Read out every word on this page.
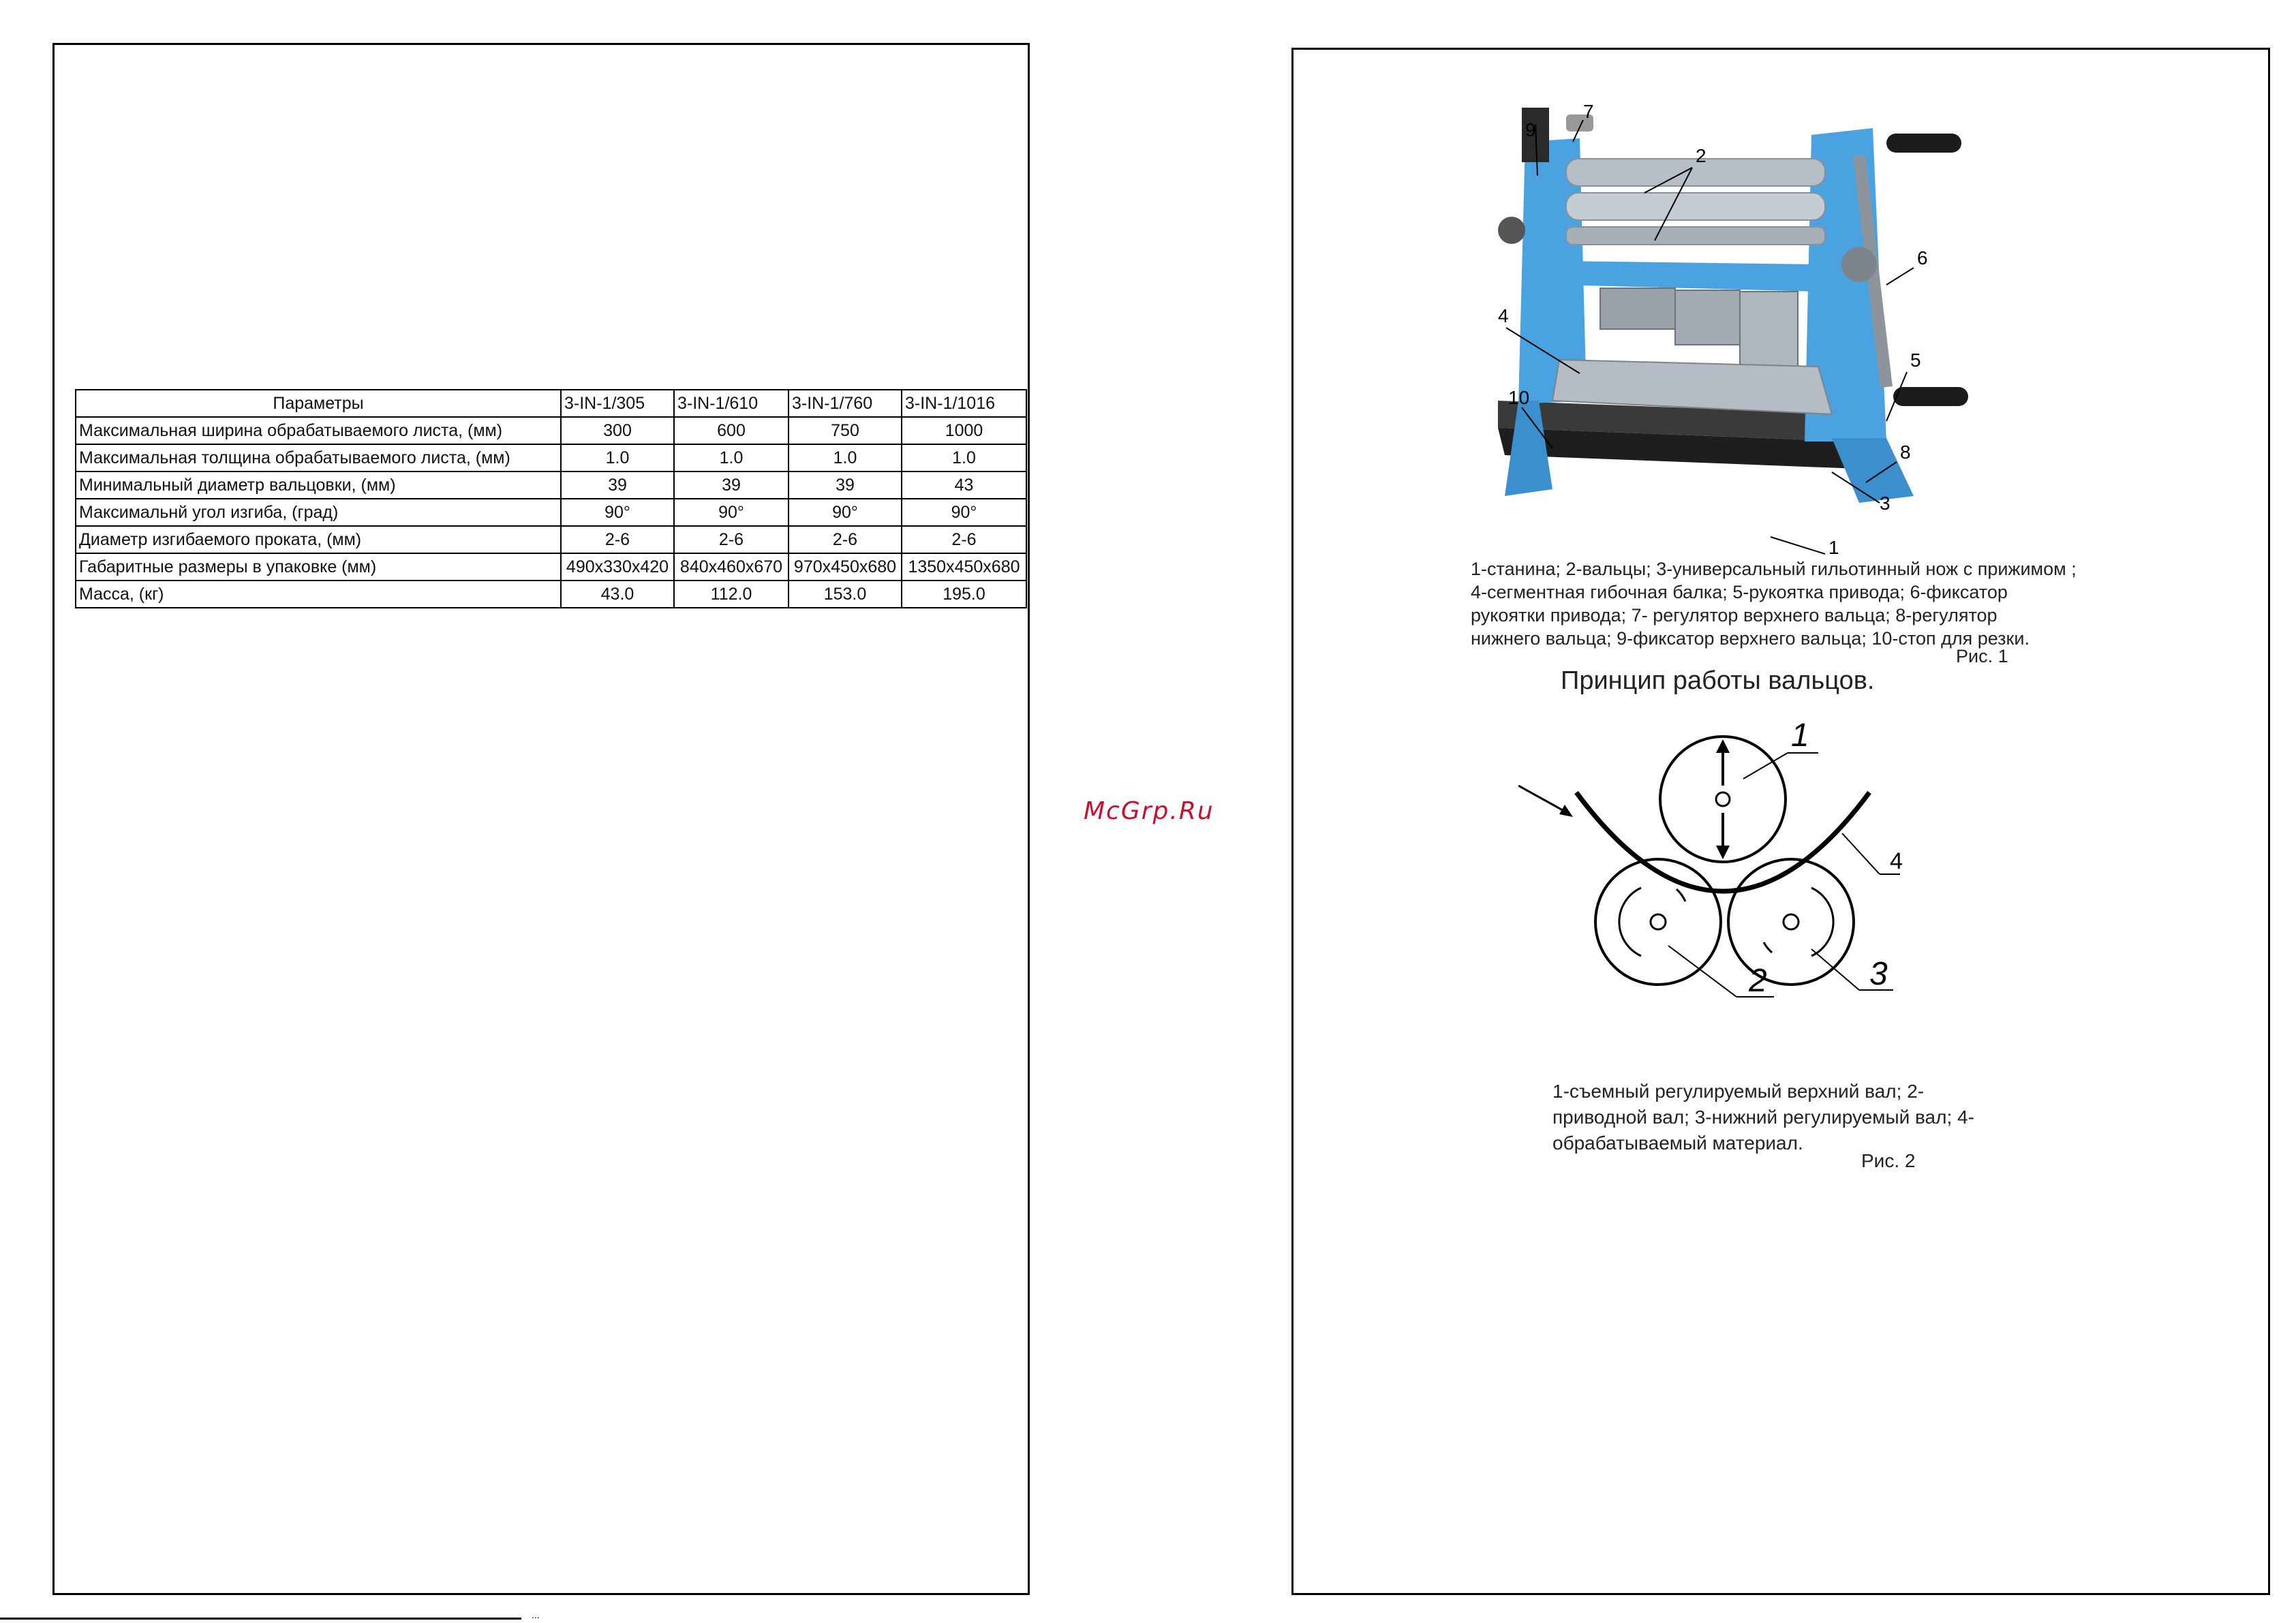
Параметры	3-IN-1/305	3-IN-1/610	3-IN-1/760	3-IN-1/1016
Максимальная ширина обрабатываемого листа, (мм)	300	600	750	1000
Максимальная толщина обрабатываемого листа, (мм)	1.0	1.0	1.0	1.0
Минимальный диаметр вальцовки, (мм)	39	39	39	43
Максимальнй угол изгиба, (град)	90°	90°	90°	90°
Диаметр изгибаемого проката, (мм)	2-6	2-6	2-6	2-6
Габаритные размеры в упаковке (мм)	490x330x420	840x460x670	970x450x680	1350x450x680
Масса, (кг)	43.0	112.0	153.0	195.0
McGrp.Ru
9
7
2
6
4
5
10
8
3
1
1-станина; 2-вальцы; 3-универсальный гильотинный нож с прижимом ;
4-сегментная гибочная балка; 5-рукоятка привода; 6-фиксатор
рукоятки привода; 7- регулятор верхнего вальца; 8-регулятор
нижнего вальца; 9-фиксатор верхнего вальца; 10-стоп для резки.
Рис. 1
Принцип работы вальцов.
1
4
2	3
1-съемный регулируемый верхний вал; 2-
приводной вал; 3-нижний регулируемый вал; 4-
обрабатываемый материал.
Рис. 2
...
